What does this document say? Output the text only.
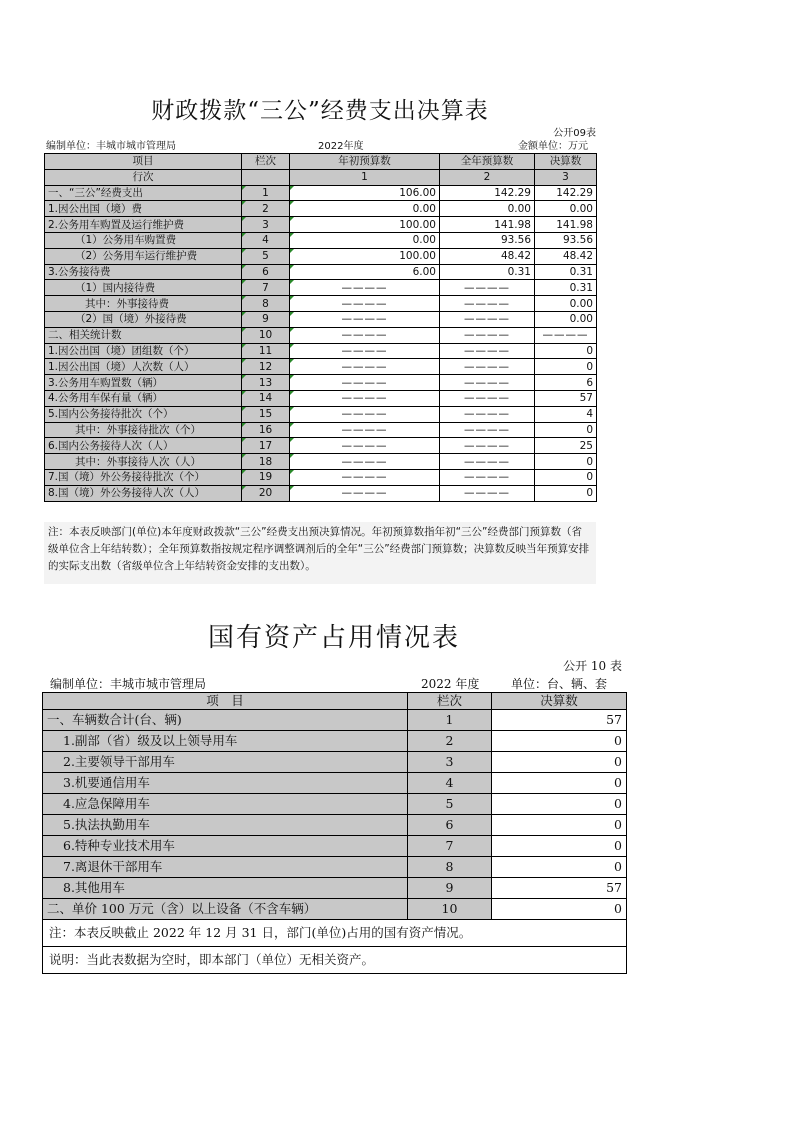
财政拨款“三公”经费支出决算表
公开09表
编制单位：丰城市城市管理局	2022年度	金额单位：万元
项目	栏次	年初预算数	全年预算数	决算数
行次		1	2	3
一、“三公”经费支出	1	106.00	142.29	142.29
1.因公出国（境）费	2	0.00	0.00	0.00
2.公务用车购置及运行维护费	3	100.00	141.98	141.98
（1）公务用车购置费	4	0.00	93.56	93.56
（2）公务用车运行维护费	5	100.00	48.42	48.42
3.公务接待费	6	6.00	0.31	0.31
（1）国内接待费	7	————	————	0.31
其中：外事接待费	8	————	————	0.00
（2）国（境）外接待费	9	————	————	0.00
二、相关统计数	10	————	————	————
1.因公出国（境）团组数（个）	11	————	————	0
1.因公出国（境）人次数（人）	12	————	————	0
3.公务用车购置数（辆）	13	————	————	6
4.公务用车保有量（辆）	14	————	————	57
5.国内公务接待批次（个）	15	————	————	4
其中：外事接待批次（个）	16	————	————	0
6.国内公务接待人次（人）	17	————	————	25
其中：外事接待人次（人）	18	————	————	0
7.国（境）外公务接待批次（个）	19	————	————	0
8.国（境）外公务接待人次（人）	20	————	————	0
注：本表反映部门(单位)本年度财政拨款“三公”经费支出预决算情况。年初预算数指年初“三公”经费部门预算数（省级单位含上年结转数）；全年预算数指按规定程序调整调剂后的全年“三公”经费部门预算数；决算数反映当年预算安排的实际支出数（省级单位含上年结转资金安排的支出数）。
国有资产占用情况表
公开 10 表
编制单位：丰城市城市管理局	2022 年度	单位：台、辆、套
项　目	栏次	决算数
一、车辆数合计(台、辆)	1	57
1.副部（省）级及以上领导用车	2	0
2.主要领导干部用车	3	0
3.机要通信用车	4	0
4.应急保障用车	5	0
5.执法执勤用车	6	0
6.特种专业技术用车	7	0
7.离退休干部用车	8	0
8.其他用车	9	57
二、单价 100 万元（含）以上设备（不含车辆）	10	0
注：本表反映截止 2022 年 12 月 31 日，部门(单位)占用的国有资产情况。		
说明：当此表数据为空时，即本部门（单位）无相关资产。		
